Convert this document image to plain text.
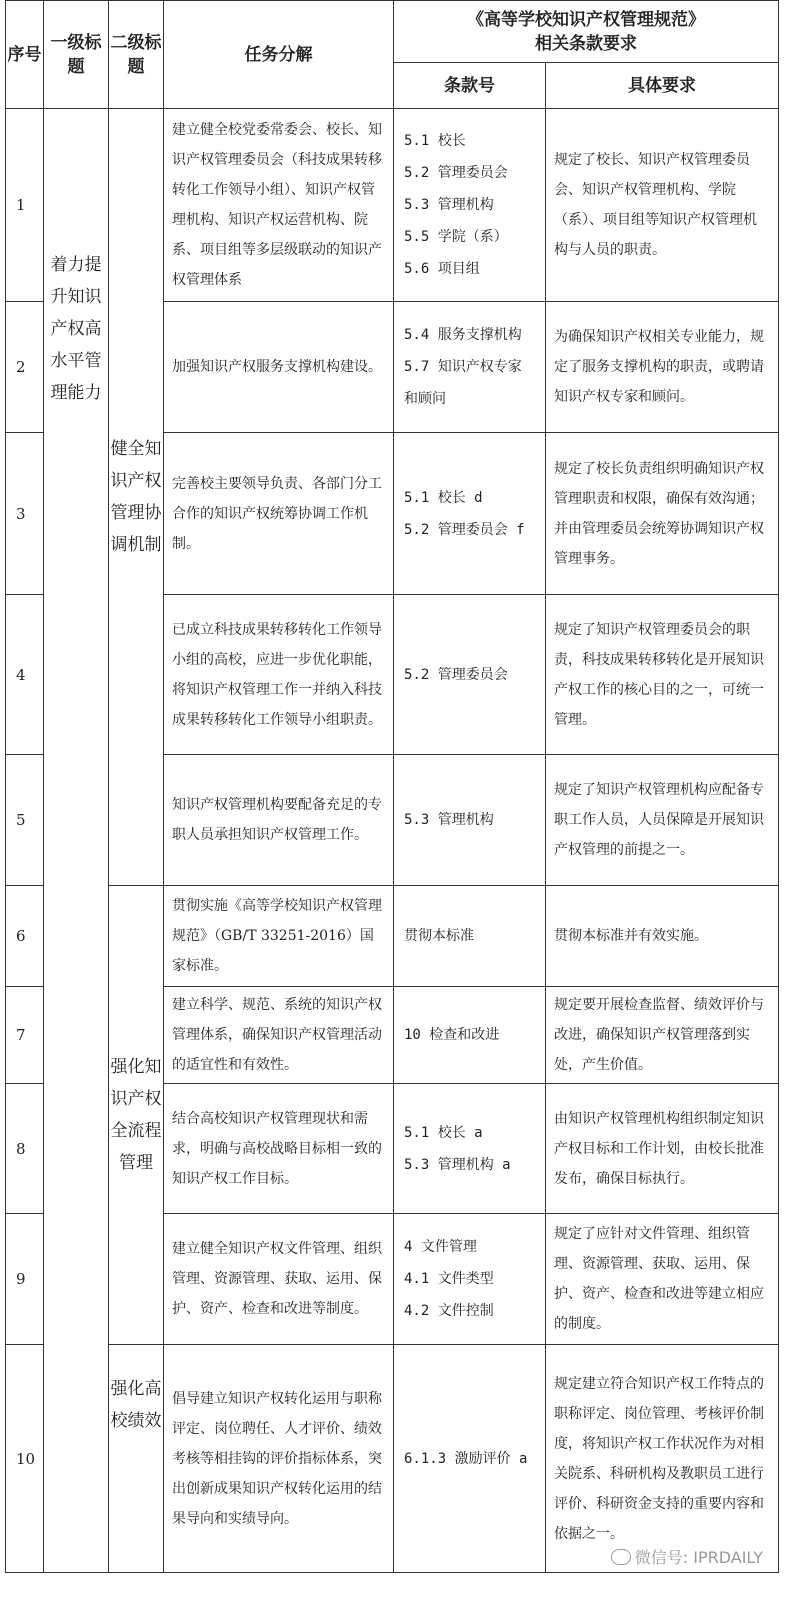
序号	一级标题	二级标题	任务分解	《高等学校知识产权管理规范》
相关条款要求	

				条款号	具体要求
1	着力提升知识产权高水平管理能力	健全知识产权管理协调机制	建立健全校党委常委会、校长、知识产权管理委员会（科技成果转移转化工作领导小组）、知识产权管理机构、知识产权运营机构、院系、项目组等多层级联动的知识产权管理体系	5.1 校长
5.2 管理委员会
5.3 管理机构
5.5 学院（系）
5.6 项目组	规定了校长、知识产权管理委员会、知识产权管理机构、学院（系）、项目组等知识产权管理机构与人员的职责。
2			加强知识产权服务支撑机构建设。	5.4 服务支撑机构
5.7 知识产权专家和顾问	为确保知识产权相关专业能力，规定了服务支撑机构的职责，或聘请知识产权专家和顾问。
3			完善校主要领导负责、各部门分工合作的知识产权统筹协调工作机制。	5.1 校长 d
5.2 管理委员会 f	规定了校长负责组织明确知识产权管理职责和权限，确保有效沟通；并由管理委员会统筹协调知识产权管理事务。
4			已成立科技成果转移转化工作领导小组的高校，应进一步优化职能，将知识产权管理工作一并纳入科技成果转移转化工作领导小组职责。	5.2 管理委员会	规定了知识产权管理委员会的职责，科技成果转移转化是开展知识产权工作的核心目的之一，可统一管理。
5			知识产权管理机构要配备充足的专职人员承担知识产权管理工作。	5.3 管理机构	规定了知识产权管理机构应配备专职工作人员，人员保障是开展知识产权管理的前提之一。
6		强化知识产权全流程管理	贯彻实施《高等学校知识产权管理规范》（GB/T 33251-2016）国家标准。	贯彻本标准	贯彻本标准并有效实施。
7			建立科学、规范、系统的知识产权管理体系，确保知识产权管理活动的适宜性和有效性。	10 检查和改进	规定要开展检查监督、绩效评价与改进，确保知识产权管理落到实处，产生价值。
8			结合高校知识产权管理现状和需求，明确与高校战略目标相一致的知识产权工作目标。	5.1 校长 a
5.3 管理机构 a	由知识产权管理机构组织制定知识产权目标和工作计划，由校长批准发布，确保目标执行。
9			建立健全知识产权文件管理、组织管理、资源管理、获取、运用、保护、资产、检查和改进等制度。	4 文件管理
4.1 文件类型
4.2 文件控制	规定了应针对文件管理、组织管理、资源管理、获取、运用、保护、资产、检查和改进等建立相应的制度。
10		强化高校绩效	倡导建立知识产权转化运用与职称评定、岗位聘任、人才评价、绩效考核等相挂钩的评价指标体系，突出创新成果知识产权转化运用的结果导向和实绩导向。	6.1.3 激励评价 a	规定建立符合知识产权工作特点的职称评定、岗位管理、考核评价制度，将知识产权工作状况作为对相关院系、科研机构及教职员工进行评价、科研资金支持的重要内容和依据之一。
微信号: IPRDAILY
